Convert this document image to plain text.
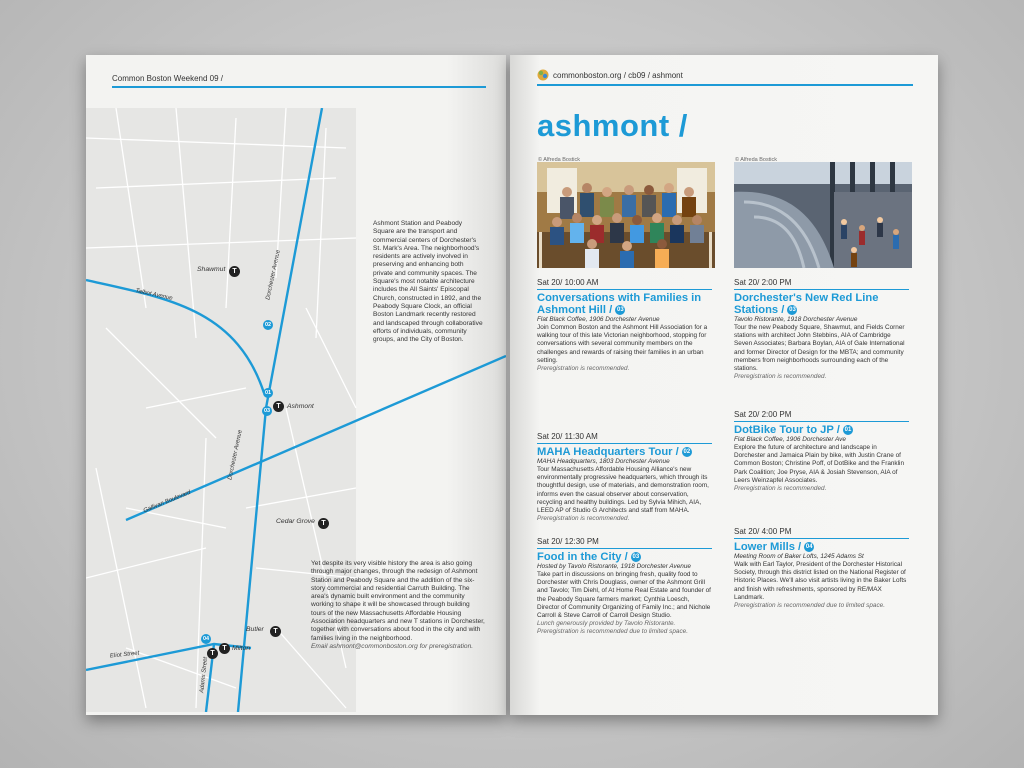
Common Boston Weekend 09 /
Shawmut	T
Ashmont
T
Cedar Grove T
Butler	T
Milton
T
T
Talbot Avenue	Dorchester Avenue
Dorchester Avenue
Gallivan Boulevard
Eliot Street
Adams Street
02
01
03
04

Ashmont Station and Peabody Square are the transport and commercial centers of Dorchester's St. Mark's Area. The neighborhood's residents are actively involved in preserving and enhancing both private and community spaces. The Square's most notable architecture includes the All Saints' Episcopal Church, constructed in 1892, and the Peabody Square Clock, an official Boston Landmark recently restored and landscaped through collaborative efforts of individuals, community groups, and the City of Boston.

Yet despite its very visible history the area is also going through major changes, through the redesign of Ashmont Station and Peabody Square and the addition of the six-story commercial and residential Carruth Building. The area's dynamic built environment and the community working to shape it will be showcased through building tours of the new Massachusetts Affordable Housing Association headquarters and new T stations in Dorchester, together with conversations about food in the city and with families living in the neighborhood.

Email ashmont@commonboston.org for preregistration.

commonboston.org / cb09 / ashmont
ashmont /
© Alfreda Bostick	© Alfreda Bostick
Sat 20/ 10:00 AM
Conversations with Families in Ashmont Hill / 03
Flat Black Coffee, 1906 Dorchester Avenue
Join Common Boston and the Ashmont Hill Association for a walking tour of this late Victorian neighborhood, stopping for conversations with several community members on the challenges and rewards of raising their families in an urban setting.
Preregistration is recommended.
Sat 20/ 11:30 AM
MAHA Headquarters Tour / 02
MAHA Headquarters, 1803 Dorchester Avenue
Tour Massachusetts Affordable Housing Alliance's new environmentally progressive headquarters, which through its thoughtful design, use of materials, and demonstration room, informs even the casual observer about conservation, recycling and healthy buildings. Led by Sylvia Mihich, AIA, LEED AP of Studio G Architects and staff from MAHA.
Preregistration is recommended.
Sat 20/ 12:30 PM
Food in the City / 03
Hosted by Tavolo Ristorante, 1918 Dorchester Avenue
Take part in discussions on bringing fresh, quality food to Dorchester with Chris Douglass, owner of the Ashmont Grill and Tavolo; Tim Diehl, of At Home Real Estate and founder of the Peabody Square farmers market; Cynthia Loesch, Director of Community Organizing of Family Inc.; and Nichole Carroll & Steve Carroll of Carroll Design Studio.
Lunch generously provided by Tavolo Ristorante. Preregistration is recommended due to limited space.
Sat 20/ 2:00 PM
Dorchester's New Red Line Stations / 03
Tavolo Ristorante, 1918 Dorchester Avenue
Tour the new Peabody Square, Shawmut, and Fields Corner stations with architect John Stebbins, AIA of Cambridge Seven Associates; Barbara Boylan, AIA of Gale International and former Director of Design for the MBTA; and community members from neighborhoods surrounding each of the stations.
Preregistration is recommended.
Sat 20/ 2:00 PM
DotBike Tour to JP / 01
Flat Black Coffee, 1906 Dorchester Ave
Explore the future of architecture and landscape in Dorchester and Jamaica Plain by bike, with Justin Crane of Common Boston; Christine Poff, of DotBike and the Franklin Park Coalition; Joe Pryse, AIA & Josiah Stevenson, AIA of Leers Weinzapfel Associates.
Preregistration is recommended.
Sat 20/ 4:00 PM
Lower Mills / 04
Meeting Room of Baker Lofts, 1245 Adams St
Walk with Earl Taylor, President of the Dorchester Historical Society, through this district listed on the National Register of Historic Places. We'll also visit artists living in the Baker Lofts and finish with refreshments, sponsored by RE/MAX Landmark.
Preregistration is recommended due to limited space.
